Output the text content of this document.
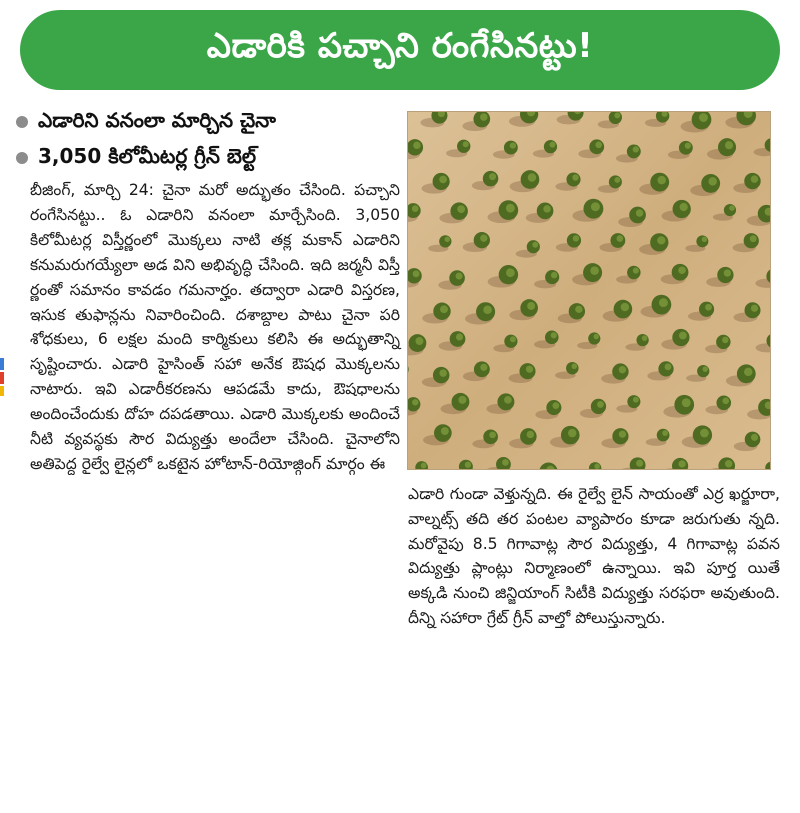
ఎడారికి పచ్చాని రంగేసినట్టు!
ఎడారిని వనంలా మార్చిన చైనా
3,050 కిలోమీటర్ల గ్రీన్ బెల్ట్

బీజింగ్, మార్చి 24: చైనా మరో అద్భుతం చేసింది. పచ్చాని రంగేసినట్టు.. ఓ ఎడారిని వనంలా మార్చేసింది. 3,050 కిలోమీటర్ల విస్తీర్ణంలో మొక్కలు నాటి తక్ల మకాన్ ఎడారిని కనుమరుగయ్యేలా అడ విని అభివృద్ధి చేసింది. ఇది జర్మనీ విస్తీ ర్ణంతో సమానం కావడం గమనార్హం. తద్వారా ఎడారి విస్తరణ, ఇసుక తుఫాన్లను నివారించింది. దశాబ్దాల పాటు చైనా పరి శోధకులు, 6 లక్షల మంది కార్మికులు కలిసి ఈ అద్భుతాన్ని సృష్టించారు. ఎడారి హైసింత్ సహా అనేక ఔషధ మొక్కలను నాటారు. ఇవి ఎడారీకరణను ఆపడమే కాదు, ఔషధాలను అందించేందుకు దోహ దపడతాయి. ఎడారి మొక్కలకు అందించే నీటి వ్యవస్థకు సౌర విద్యుత్తు అందేలా చేసింది. చైనాలోని అతిపెద్ద రైల్వే లైన్లలో ఒకటైన హోటాన్-రియోజ్గింగ్ మార్గం ఈ

ఎడారి గుండా వెళ్తున్నది. ఈ రైల్వే లైన్ సాయంతో ఎర్ర ఖర్జూరా, వాల్నట్స్ తది తర పంటల వ్యాపారం కూడా జరుగుతు న్నది. మరోవైపు 8.5 గిగావాట్ల సౌర విద్యుత్తు, 4 గిగావాట్ల పవన విద్యుత్తు ప్లాంట్లు నిర్మాణంలో ఉన్నాయి. ఇవి పూర్త యితే అక్కడి నుంచి జిన్జియాంగ్ సిటీకి విద్యుత్తు సరఫరా అవుతుంది. దీన్ని సహారా గ్రేట్ గ్రీన్ వాల్తో పోలుస్తున్నారు.
